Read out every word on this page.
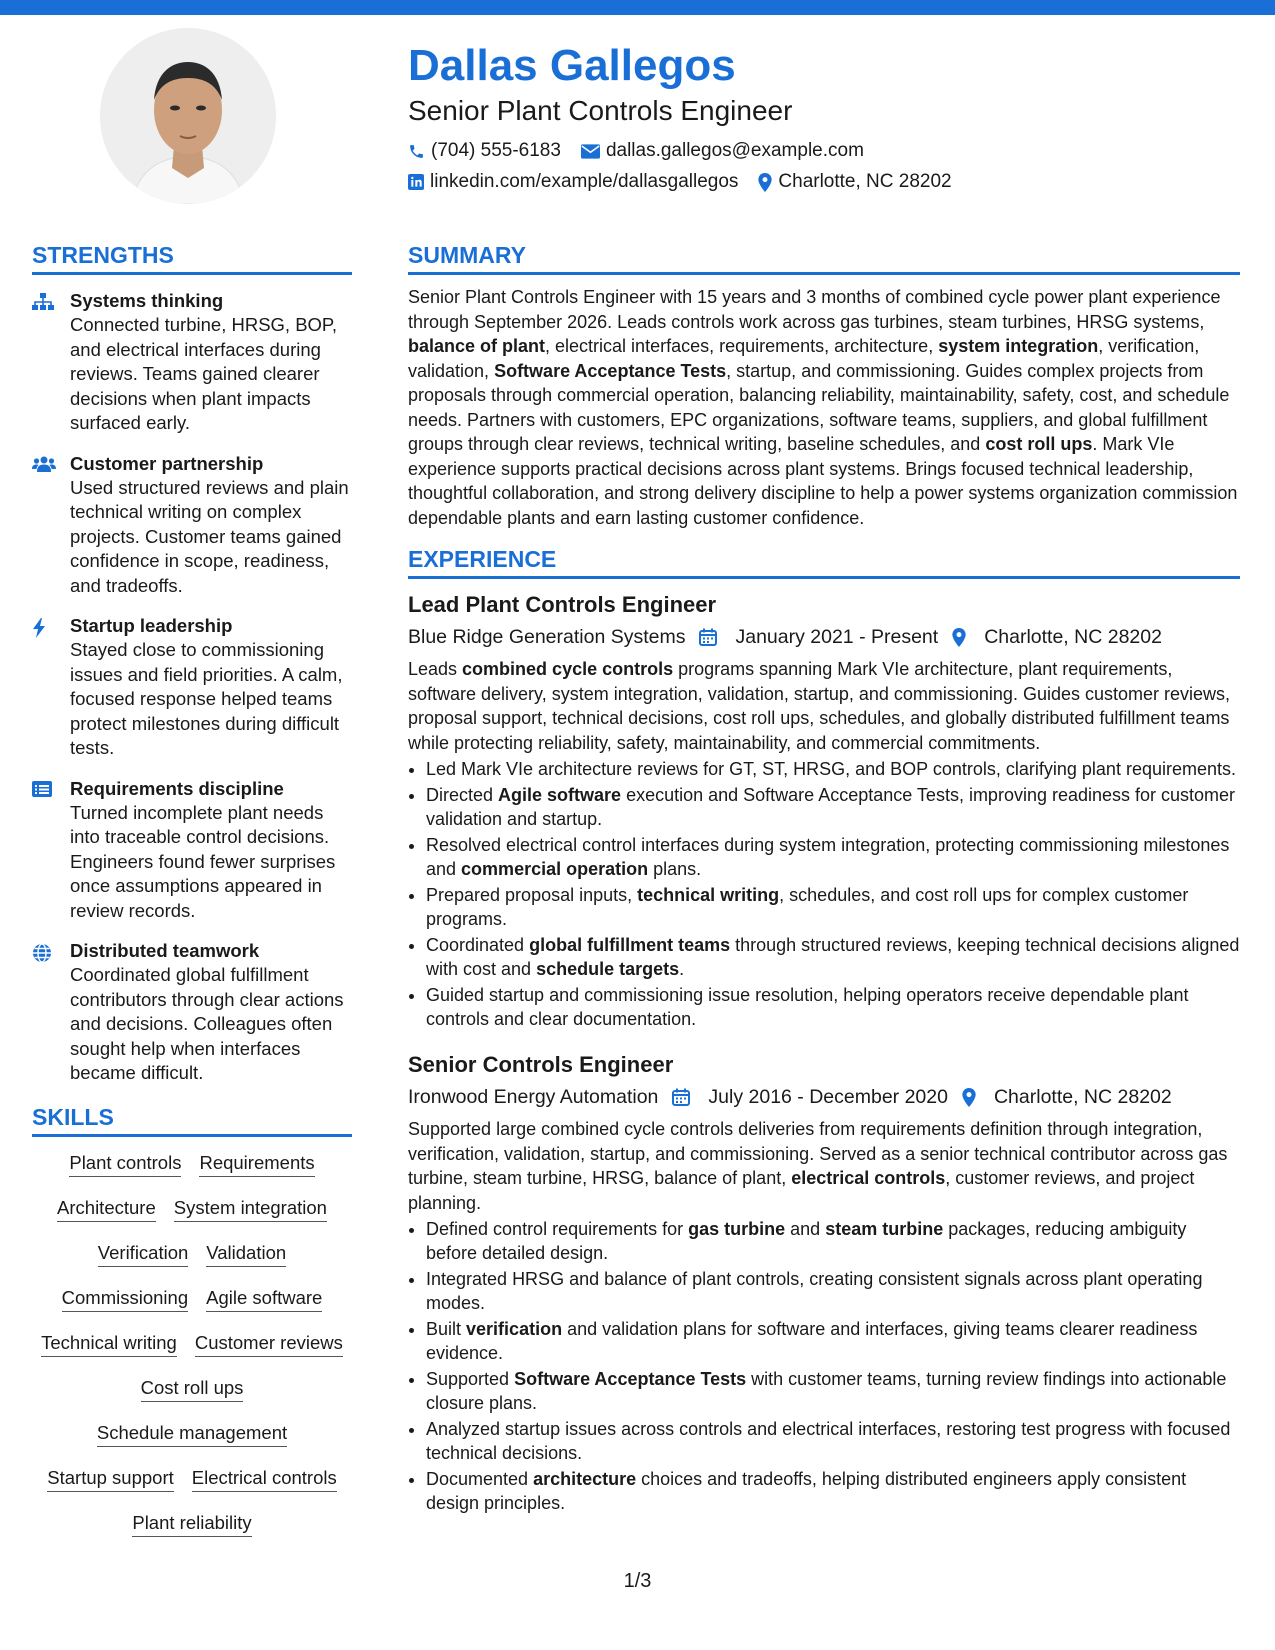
Dallas Gallegos
Senior Plant Controls Engineer
(704) 555-6183 dallas.gallegos@example.com
linkedin.com/example/dallasgallegos Charlotte, NC 28202
STRENGTHS
Systems thinking
Connected turbine, HRSG, BOP, and electrical interfaces during reviews. Teams gained clearer decisions when plant impacts surfaced early.
Customer partnership
Used structured reviews and plain technical writing on complex projects. Customer teams gained confidence in scope, readiness, and tradeoffs.
Startup leadership
Stayed close to commissioning issues and field priorities. A calm, focused response helped teams protect milestones during difficult tests.
Requirements discipline
Turned incomplete plant needs into traceable control decisions. Engineers found fewer surprises once assumptions appeared in review records.
Distributed teamwork
Coordinated global fulfillment contributors through clear actions and decisions. Colleagues often sought help when interfaces became difficult.
SKILLS
Plant controls Requirements
Architecture System integration
Verification Validation
Commissioning Agile software
Technical writing Customer reviews
Cost roll ups
Schedule management
Startup support Electrical controls
Plant reliability
SUMMARY

Senior Plant Controls Engineer with 15 years and 3 months of combined cycle power plant experience through September 2026. Leads controls work across gas turbines, steam turbines, HRSG systems, balance of plant, electrical interfaces, requirements, architecture, system integration, verification, validation, Software Acceptance Tests, startup, and commissioning. Guides complex projects from proposals through commercial operation, balancing reliability, maintainability, safety, cost, and schedule needs. Partners with customers, EPC organizations, software teams, suppliers, and global fulfillment groups through clear reviews, technical writing, baseline schedules, and cost roll ups. Mark VIe experience supports practical decisions across plant systems. Brings focused technical leadership, thoughtful collaboration, and strong delivery discipline to help a power systems organization commission dependable plants and earn lasting customer confidence.

EXPERIENCE
Lead Plant Controls Engineer
Blue Ridge Generation Systems	January 2021 - Present	Charlotte, NC 28202

Leads combined cycle controls programs spanning Mark VIe architecture, plant requirements, software delivery, system integration, validation, startup, and commissioning. Guides customer reviews, proposal support, technical decisions, cost roll ups, schedules, and globally distributed fulfillment teams while protecting reliability, safety, maintainability, and commercial commitments.

• Led Mark VIe architecture reviews for GT, ST, HRSG, and BOP controls, clarifying plant requirements.
• Directed Agile software execution and Software Acceptance Tests, improving readiness for customer validation and startup.
• Resolved electrical control interfaces during system integration, protecting commissioning milestones and commercial operation plans.
• Prepared proposal inputs, technical writing, schedules, and cost roll ups for complex customer programs.
• Coordinated global fulfillment teams through structured reviews, keeping technical decisions aligned with cost and schedule targets.
• Guided startup and commissioning issue resolution, helping operators receive dependable plant controls and clear documentation.
Senior Controls Engineer
Ironwood Energy Automation	July 2016 - December 2020	Charlotte, NC 28202

Supported large combined cycle controls deliveries from requirements definition through integration, verification, validation, startup, and commissioning. Served as a senior technical contributor across gas turbine, steam turbine, HRSG, balance of plant, electrical controls, customer reviews, and project planning.

• Defined control requirements for gas turbine and steam turbine packages, reducing ambiguity before detailed design.
• Integrated HRSG and balance of plant controls, creating consistent signals across plant operating modes.
• Built verification and validation plans for software and interfaces, giving teams clearer readiness evidence.
• Supported Software Acceptance Tests with customer teams, turning review findings into actionable closure plans.
• Analyzed startup issues across controls and electrical interfaces, restoring test progress with focused technical decisions.
• Documented architecture choices and tradeoffs, helping distributed engineers apply consistent design principles.
1/3
